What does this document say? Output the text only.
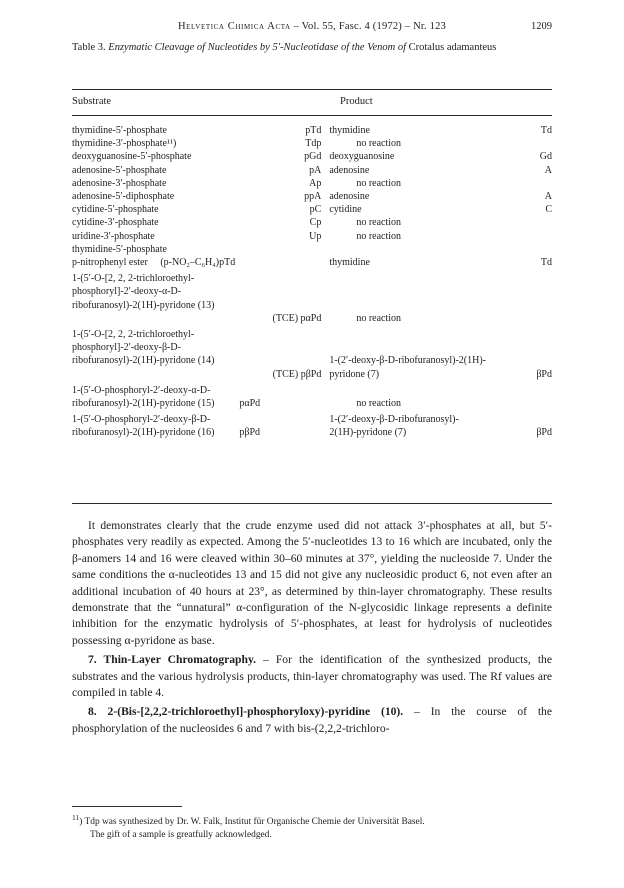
Helvetica Chimica Acta – Vol. 55, Fasc. 4 (1972) – Nr. 123	1209
Table 3. Enzymatic Cleavage of Nucleotides by 5′-Nucleotidase of the Venom of Crotalus adamanteus
Substrate	Product
thymidine-5′-phosphate	pTd	thymidine	Td
thymidine-3′-phosphate¹¹)	Tdp	no reaction	
deoxyguanosine-5′-phosphate	pGd	deoxyguanosine	Gd
adenosine-5′-phosphate	pA	adenosine	A
adenosine-3′-phosphate	Ap	no reaction	
adenosine-5′-diphosphate	ppA	adenosine	A
cytidine-5′-phosphate	pC	cytidine	C
cytidine-3′-phosphate	Cp	no reaction	
uridine-3′-phosphate	Up	no reaction	

thymidine-5′-phosphate
p-nitrophenyl ester (p-NO₂–C₆H₄)pTd		thymidine	Td

1-(5′-O-[2, 2, 2-trichloroethyl-
phosphoryl]-2′-deoxy-α-D-
ribofuranosyl)-2(1H)-pyridone (13)	(TCE) pαPd	no reaction	

1-(5′-O-[2, 2, 2-trichloroethyl-
phosphoryl]-2′-deoxy-β-D-
ribofuranosyl)-2(1H)-pyridone (14)	(TCE) pβPd	1-(2′-deoxy-β-D-ribofuranosyl)-2(1H)-
pyridone (7)	βPd

1-(5′-O-phosphoryl-2′-deoxy-α-D-
ribofuranosyl)-2(1H)-pyridone (15)	pαPd	no reaction	

1-(5′-O-phosphoryl-2′-deoxy-β-D-
ribofuranosyl)-2(1H)-pyridone (16)	pβPd	1-(2′-deoxy-β-D-ribofuranosyl)-
2(1H)-pyridone (7)	βPd

It demonstrates clearly that the crude enzyme used did not attack 3′-phosphates at all, but 5′-phosphates very readily as expected. Among the 5′-nucleotides 13 to 16 which are incubated, only the β-anomers 14 and 16 were cleaved within 30–60 minutes at 37°, yielding the nucleoside 7. Under the same conditions the α-nucleotides 13 and 15 did not give any nucleosidic product 6, not even after an additional incubation of 40 hours at 23°, as determined by thin-layer chromatography. These results demonstrate that the “unnatural” α-configuration of the N-glycosidic linkage represents a definite inhibition for the enzymatic hydrolysis of 5′-phosphates, at least for hydrolysis of nucleotides possessing α-pyridone as base.

7. Thin-Layer Chromatography. – For the identification of the synthesized products, the substrates and the various hydrolysis products, thin-layer chromatography was used. The Rf values are compiled in table 4.

8. 2-(Bis-[2,2,2-trichloroethyl]-phosphoryloxy)-pyridine (10). – In the course of the phosphorylation of the nucleosides 6 and 7 with bis-(2,2,2-trichloro-

$^{11}$) Tdp was synthesized by Dr. W. Falk, Institut für Organische Chemie der Universität Basel.
The gift of a sample is greatfully acknowledged.
